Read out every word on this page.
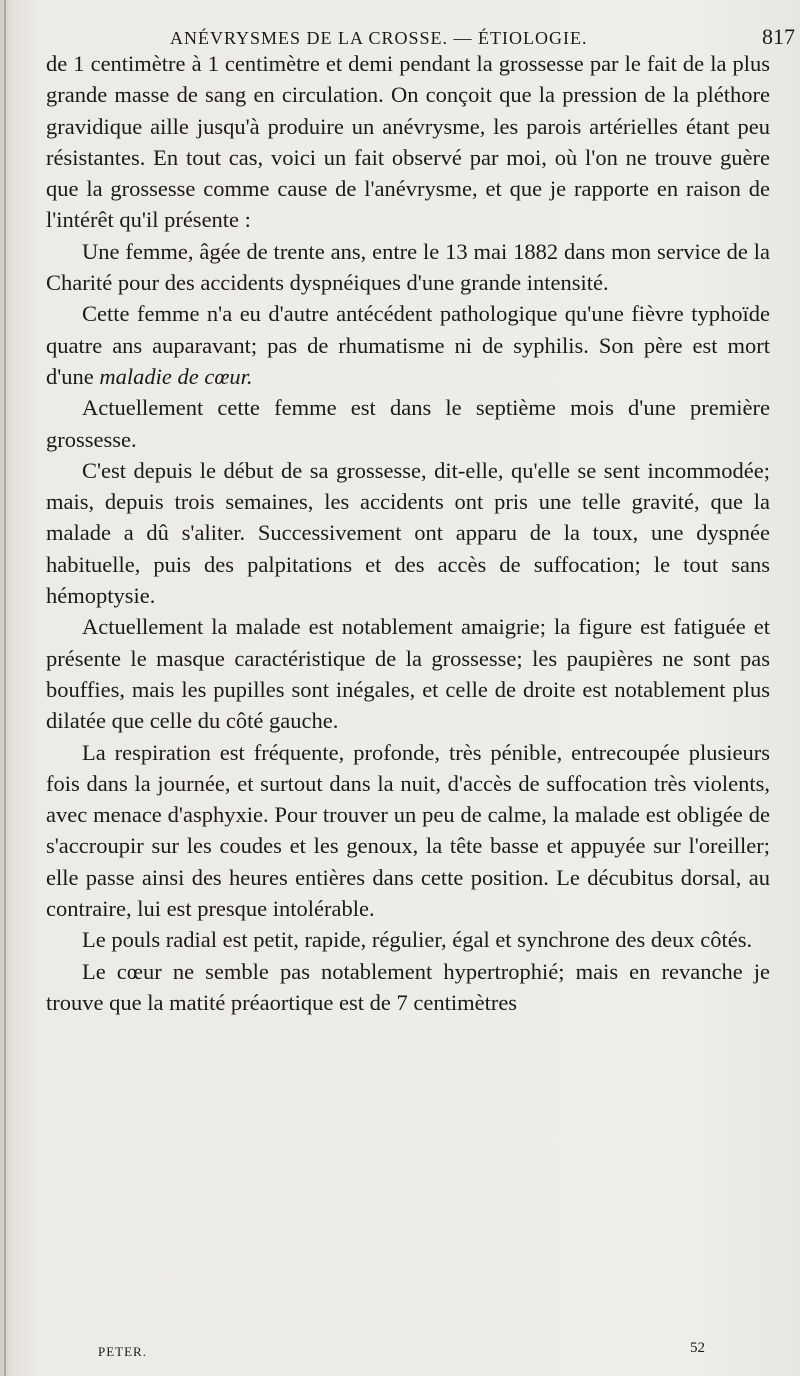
ANÉVRYSMES DE LA CROSSE. — ÉTIOLOGIE.	817

de 1 centimètre à 1 centimètre et demi pendant la grossesse par le fait de la plus grande masse de sang en circulation. On conçoit que la pression de la pléthore gravidique aille jusqu'à produire un anévrysme, les parois artérielles étant peu résistantes. En tout cas, voici un fait observé par moi, où l'on ne trouve guère que la grossesse comme cause de l'anévrysme, et que je rapporte en raison de l'intérêt qu'il présente :

Une femme, âgée de trente ans, entre le 13 mai 1882 dans mon service de la Charité pour des accidents dyspnéiques d'une grande intensité.

Cette femme n'a eu d'autre antécédent pathologique qu'une fièvre typhoïde quatre ans auparavant; pas de rhumatisme ni de syphilis. Son père est mort d'une maladie de cœur.

Actuellement cette femme est dans le septième mois d'une première grossesse.

C'est depuis le début de sa grossesse, dit-elle, qu'elle se sent incommodée; mais, depuis trois semaines, les accidents ont pris une telle gravité, que la malade a dû s'aliter. Successivement ont apparu de la toux, une dyspnée habituelle, puis des palpitations et des accès de suffocation; le tout sans hémoptysie.

Actuellement la malade est notablement amaigrie; la figure est fatiguée et présente le masque caractéristique de la grossesse; les paupières ne sont pas bouffies, mais les pupilles sont inégales, et celle de droite est notablement plus dilatée que celle du côté gauche.

La respiration est fréquente, profonde, très pénible, entrecoupée plusieurs fois dans la journée, et surtout dans la nuit, d'accès de suffocation très violents, avec menace d'asphyxie. Pour trouver un peu de calme, la malade est obligée de s'accroupir sur les coudes et les genoux, la tête basse et appuyée sur l'oreiller; elle passe ainsi des heures entières dans cette position. Le décubitus dorsal, au contraire, lui est presque intolérable.

Le pouls radial est petit, rapide, régulier, égal et synchrone des deux côtés.

Le cœur ne semble pas notablement hypertrophié; mais en revanche je trouve que la matité préaortique est de 7 centimètres

PETER.	52
